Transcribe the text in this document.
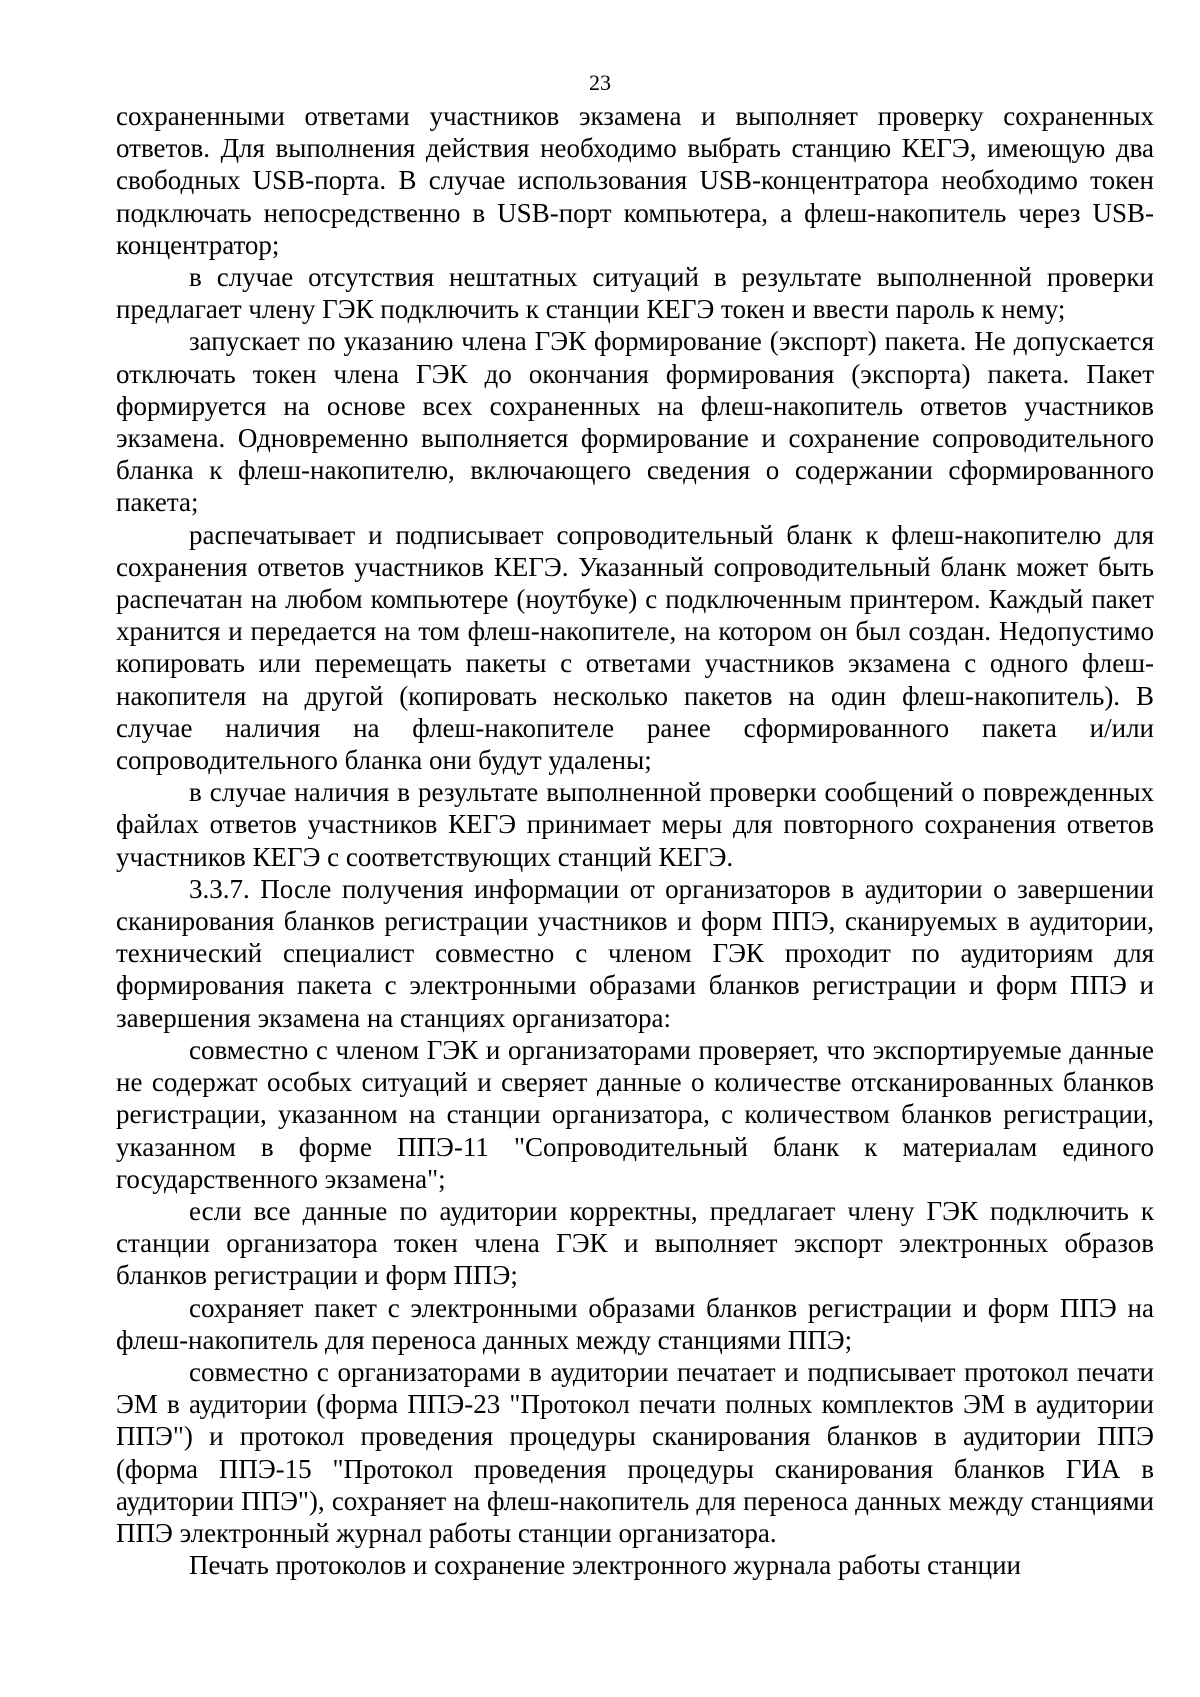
23

сохраненными ответами участников экзамена и выполняет проверку сохраненных ответов. Для выполнения действия необходимо выбрать станцию КЕГЭ, имеющую два свободных USB-порта. В случае использования USB-концентратора необходимо токен подключать непосредственно в USB-порт компьютера, а флеш-накопитель через USB-концентратор;

в случае отсутствия нештатных ситуаций в результате выполненной проверки предлагает члену ГЭК подключить к станции КЕГЭ токен и ввести пароль к нему;

запускает по указанию члена ГЭК формирование (экспорт) пакета. Не допускается отключать токен члена ГЭК до окончания формирования (экспорта) пакета. Пакет формируется на основе всех сохраненных на флеш-накопитель ответов участников экзамена. Одновременно выполняется формирование и сохранение сопроводительного бланка к флеш-накопителю, включающего сведения о содержании сформированного пакета;

распечатывает и подписывает сопроводительный бланк к флеш-накопителю для сохранения ответов участников КЕГЭ. Указанный сопроводительный бланк может быть распечатан на любом компьютере (ноутбуке) с подключенным принтером. Каждый пакет хранится и передается на том флеш-накопителе, на котором он был создан. Недопустимо копировать или перемещать пакеты с ответами участников экзамена с одного флеш-накопителя на другой (копировать несколько пакетов на один флеш-накопитель). В случае наличия на флеш-накопителе ранее сформированного пакета и/или сопроводительного бланка они будут удалены;

в случае наличия в результате выполненной проверки сообщений о поврежденных файлах ответов участников КЕГЭ принимает меры для повторного сохранения ответов участников КЕГЭ с соответствующих станций КЕГЭ.

3.3.7. После получения информации от организаторов в аудитории о завершении сканирования бланков регистрации участников и форм ППЭ, сканируемых в аудитории, технический специалист совместно с членом ГЭК проходит по аудиториям для формирования пакета с электронными образами бланков регистрации и форм ППЭ и завершения экзамена на станциях организатора:

совместно с членом ГЭК и организаторами проверяет, что экспортируемые данные не содержат особых ситуаций и сверяет данные о количестве отсканированных бланков регистрации, указанном на станции организатора, с количеством бланков регистрации, указанном в форме ППЭ-11 "Сопроводительный бланк к материалам единого государственного экзамена";

если все данные по аудитории корректны, предлагает члену ГЭК подключить к станции организатора токен члена ГЭК и выполняет экспорт электронных образов бланков регистрации и форм ППЭ;

сохраняет пакет с электронными образами бланков регистрации и форм ППЭ на флеш-накопитель для переноса данных между станциями ППЭ;

совместно с организаторами в аудитории печатает и подписывает протокол печати ЭМ в аудитории (форма ППЭ-23 "Протокол печати полных комплектов ЭМ в аудитории ППЭ") и протокол проведения процедуры сканирования бланков в аудитории ППЭ (форма ППЭ-15 "Протокол проведения процедуры сканирования бланков ГИА в аудитории ППЭ"), сохраняет на флеш-накопитель для переноса данных между станциями ППЭ электронный журнал работы станции организатора.

Печать протоколов и сохранение электронного журнала работы станции
